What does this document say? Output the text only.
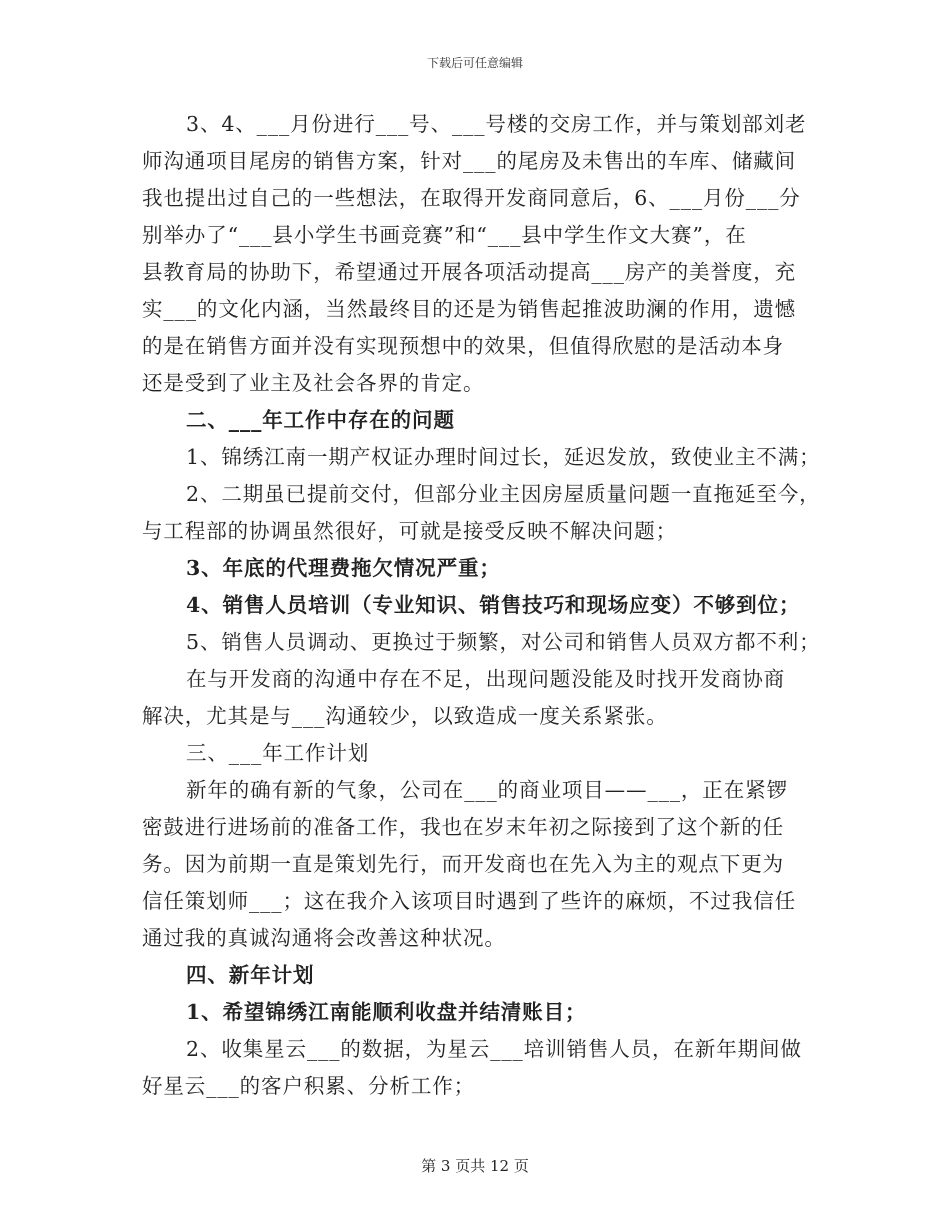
下载后可任意编辑
3、4、___月份进行___号、___号楼的交房工作，并与策划部刘老
师沟通项目尾房的销售方案，针对___的尾房及未售出的车库、储藏间
我也提出过自己的一些想法，在取得开发商同意后，6、___月份___分
别举办了“___县小学生书画竞赛”和“___县中学生作文大赛”，在
县教育局的协助下，希望通过开展各项活动提高___房产的美誉度，充
实___的文化内涵，当然最终目的还是为销售起推波助澜的作用，遗憾
的是在销售方面并没有实现预想中的效果，但值得欣慰的是活动本身
还是受到了业主及社会各界的肯定。
二、___年工作中存在的问题
1、锦绣江南一期产权证办理时间过长，延迟发放，致使业主不满；
2、二期虽已提前交付，但部分业主因房屋质量问题一直拖延至今，
与工程部的协调虽然很好，可就是接受反映不解决问题；
3、年底的代理费拖欠情况严重；
4、销售人员培训（专业知识、销售技巧和现场应变）不够到位；
5、销售人员调动、更换过于频繁，对公司和销售人员双方都不利；
在与开发商的沟通中存在不足，出现问题没能及时找开发商协商
解决，尤其是与___沟通较少，以致造成一度关系紧张。
三、___年工作计划
新年的确有新的气象，公司在___的商业项目——___，正在紧锣
密鼓进行进场前的准备工作，我也在岁末年初之际接到了这个新的任
务。因为前期一直是策划先行，而开发商也在先入为主的观点下更为
信任策划师___；这在我介入该项目时遇到了些许的麻烦，不过我信任
通过我的真诚沟通将会改善这种状况。
四、新年计划
1、希望锦绣江南能顺利收盘并结清账目；
2、收集星云___的数据，为星云___培训销售人员，在新年期间做
好星云___的客户积累、分析工作；
第 3 页共 12 页
